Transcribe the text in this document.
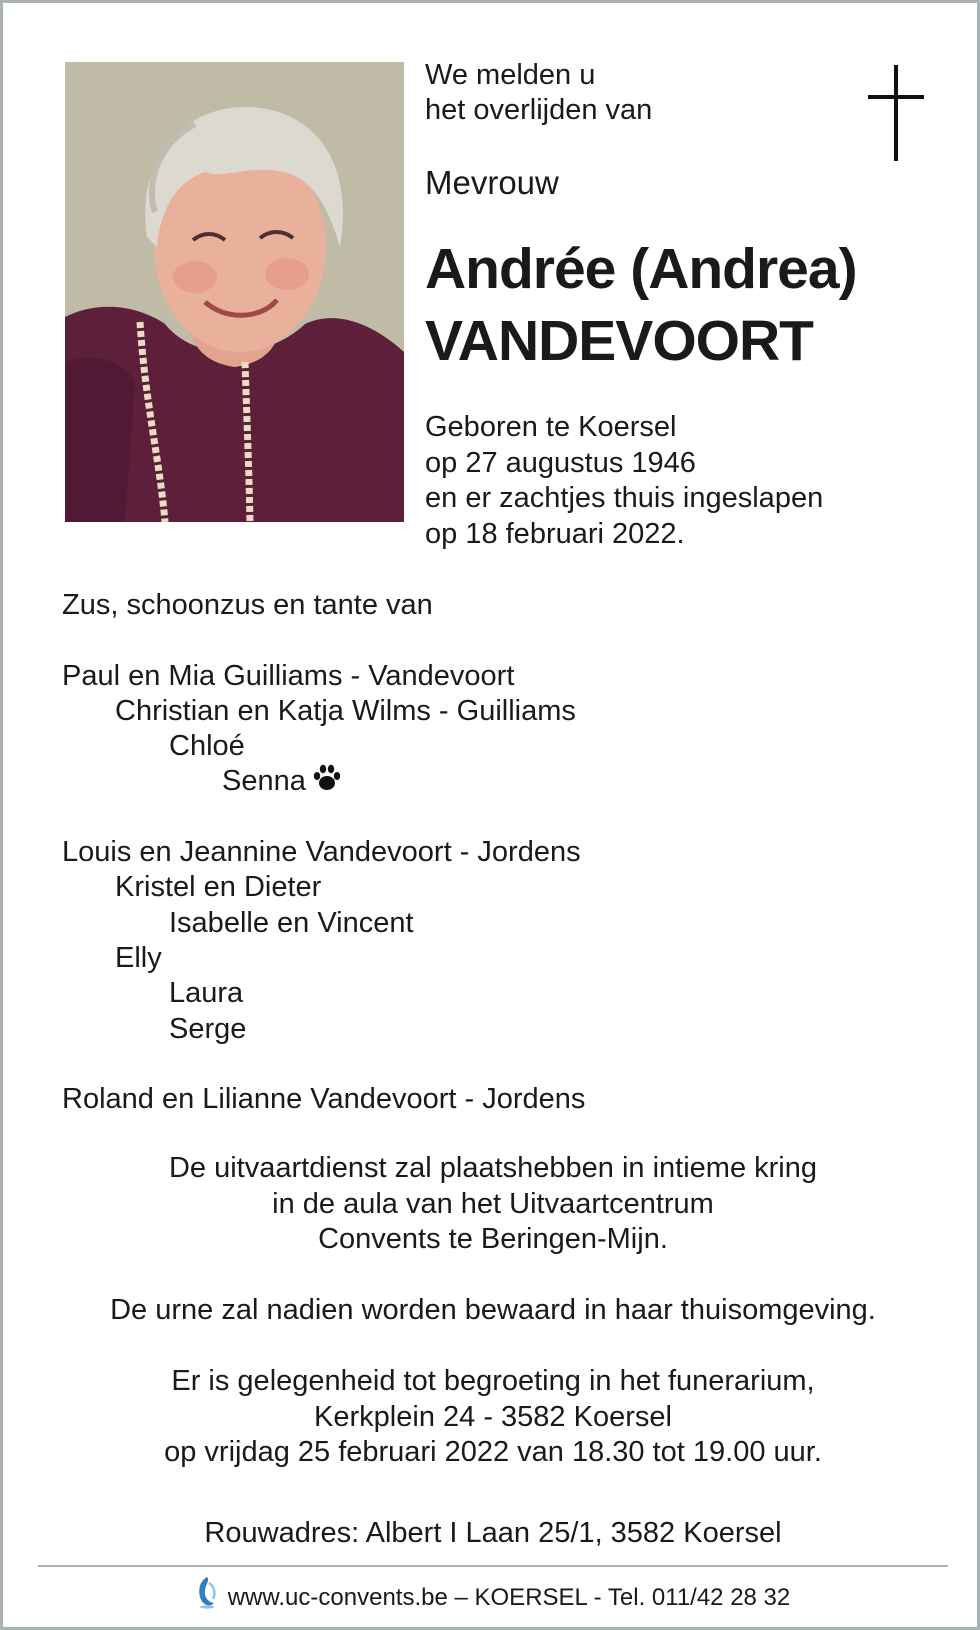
We melden u
het overlijden van
Mevrouw
Andrée (Andrea)
VANDEVOORT
Geboren te Koersel
op 27 augustus 1946
en er zachtjes thuis ingeslapen
op 18 februari 2022.
Zus, schoonzus en tante van
Paul en Mia Guilliams - Vandevoort
Christian en Katja Wilms - Guilliams
Chloé
Senna
Louis en Jeannine Vandevoort - Jordens
Kristel en Dieter
Isabelle en Vincent
Elly
Laura
Serge
Roland en Lilianne Vandevoort - Jordens
De uitvaartdienst zal plaatshebben in intieme kring
in de aula van het Uitvaartcentrum
Convents te Beringen-Mijn.
De urne zal nadien worden bewaard in haar thuisomgeving.
Er is gelegenheid tot begroeting in het funerarium,
Kerkplein 24 - 3582 Koersel
op vrijdag 25 februari 2022 van 18.30 tot 19.00 uur.
Rouwadres: Albert I Laan 25/1, 3582 Koersel
www.uc-convents.be – KOERSEL - Tel. 011/42 28 32
